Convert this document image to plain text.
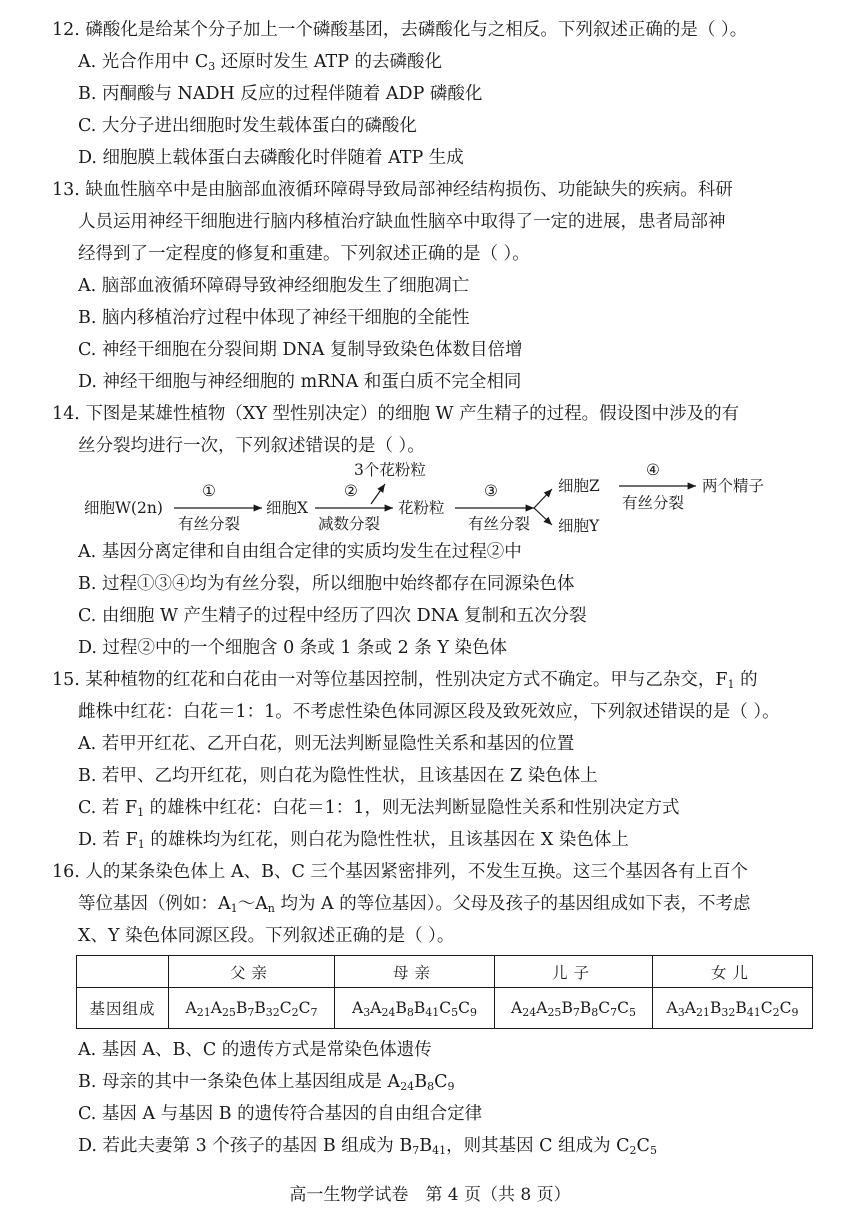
12. 磷酸化是给某个分子加上一个磷酸基团，去磷酸化与之相反。下列叙述正确的是（ ）。
A. 光合作用中 $C_3$ 还原时发生 ATP 的去磷酸化
B. 丙酮酸与 NADH 反应的过程伴随着 ADP 磷酸化
C. 大分子进出细胞时发生载体蛋白的磷酸化
D. 细胞膜上载体蛋白去磷酸化时伴随着 ATP 生成
13. 缺血性脑卒中是由脑部血液循环障碍导致局部神经结构损伤、功能缺失的疾病。科研
人员运用神经干细胞进行脑内移植治疗缺血性脑卒中取得了一定的进展，患者局部神
经得到了一定程度的修复和重建。下列叙述正确的是（ ）。
A. 脑部血液循环障碍导致神经细胞发生了细胞凋亡
B. 脑内移植治疗过程中体现了神经干细胞的全能性
C. 神经干细胞在分裂间期 DNA 复制导致染色体数目倍增
D. 神经干细胞与神经细胞的 mRNA 和蛋白质不完全相同
14. 下图是某雄性植物（XY 型性别决定）的细胞 W 产生精子的过程。假设图中涉及的有
丝分裂均进行一次，下列叙述错误的是（ ）。
细胞W(2n)
①
有丝分裂
细胞X
②
减数分裂
3个花粉粒
花粉粒
③
有丝分裂
细胞Z
细胞Y
④
有丝分裂
两个精子
A. 基因分离定律和自由组合定律的实质均发生在过程②中
B. 过程①③④均为有丝分裂，所以细胞中始终都存在同源染色体
C. 由细胞 W 产生精子的过程中经历了四次 DNA 复制和五次分裂
D. 过程②中的一个细胞含 0 条或 1 条或 2 条 Y 染色体
15. 某种植物的红花和白花由一对等位基因控制，性别决定方式不确定。甲与乙杂交，$F_1$ 的
雌株中红花：白花＝1：1。不考虑性染色体同源区段及致死效应，下列叙述错误的是（ ）。
A. 若甲开红花、乙开白花，则无法判断显隐性关系和基因的位置
B. 若甲、乙均开红花，则白花为隐性性状，且该基因在 Z 染色体上
C. 若 $F_1$ 的雄株中红花：白花＝1：1，则无法判断显隐性关系和性别决定方式
D. 若 $F_1$ 的雄株均为红花，则白花为隐性性状，且该基因在 X 染色体上
16. 人的某条染色体上 A、B、C 三个基因紧密排列，不发生互换。这三个基因各有上百个
等位基因（例如：$A_1\sim A_n$ 均为 A 的等位基因）。父母及孩子的基因组成如下表，不考虑
X、Y 染色体同源区段。下列叙述正确的是（ ）。
	父亲	母亲	儿子	女儿
基因组成	$A_{21}A_{25}B_7B_{32}C_2C_7$	$A_3A_{24}B_8B_{41}C_5C_9$	$A_{24}A_{25}B_7B_8C_7C_5$	$A_3A_{21}B_{32}B_{41}C_2C_9$
A. 基因 A、B、C 的遗传方式是常染色体遗传
B. 母亲的其中一条染色体上基因组成是 $A_{24}B_8C_9$
C. 基因 A 与基因 B 的遗传符合基因的自由组合定律
D. 若此夫妻第 3 个孩子的基因 B 组成为 $B_7B_{41}$，则其基因 C 组成为 $C_2C_5$
高一生物学试卷　第 4 页（共 8 页）
